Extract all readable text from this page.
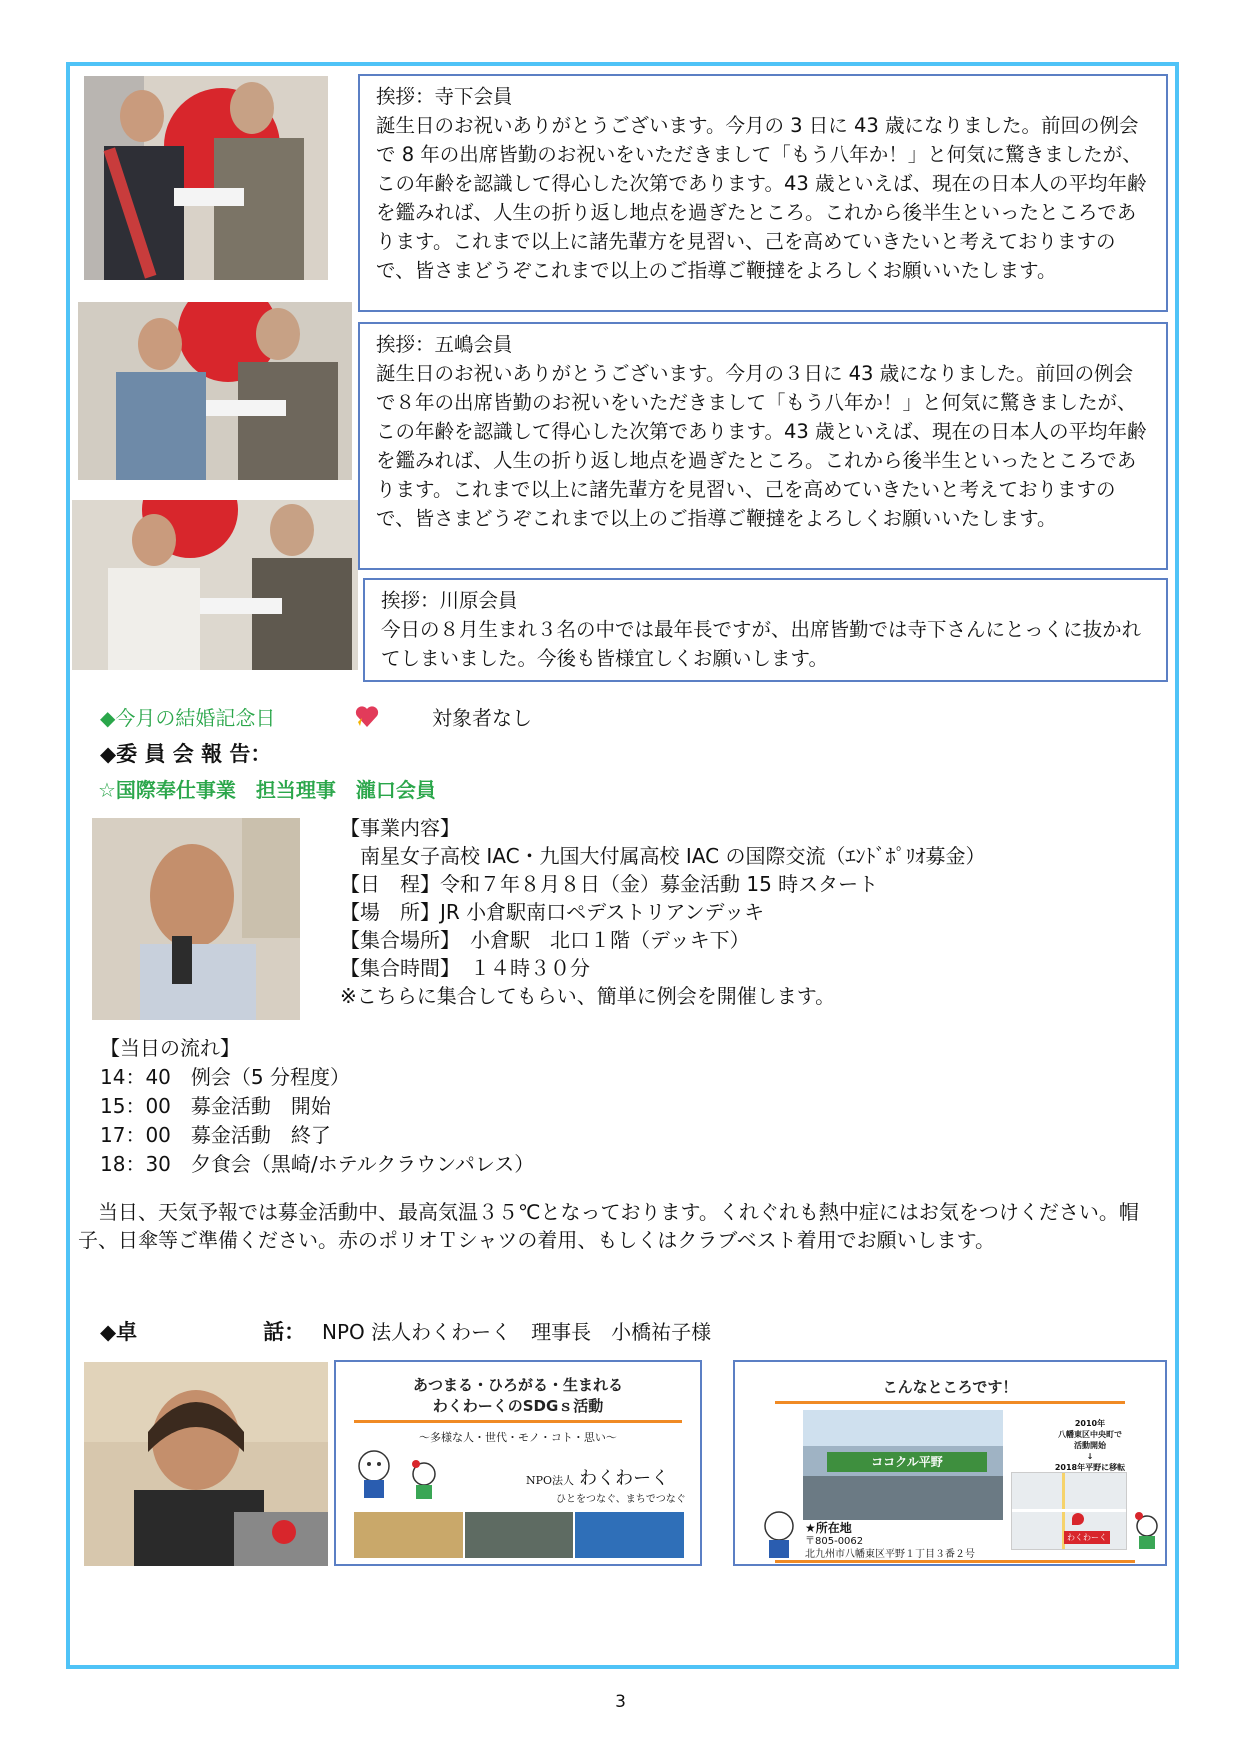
挨拶：寺下会員
誕生日のお祝いありがとうございます。今月の 3 日に 43 歳になりました。前回の例会で 8 年の出席皆勤のお祝いをいただきまして「もう八年か！」と何気に驚きましたが、この年齢を認識して得心した次第であります。43 歳といえば、現在の日本人の平均年齢を鑑みれば、人生の折り返し地点を過ぎたところ。これから後半生といったところであります。これまで以上に諸先輩方を見習い、己を高めていきたいと考えておりますので、皆さまどうぞこれまで以上のご指導ご鞭撻をよろしくお願いいたします。
挨拶：五嶋会員
誕生日のお祝いありがとうございます。今月の３日に 43 歳になりました。前回の例会で８年の出席皆勤のお祝いをいただきまして「もう八年か！」と何気に驚きましたが、この年齢を認識して得心した次第であります。43 歳といえば、現在の日本人の平均年齢を鑑みれば、人生の折り返し地点を過ぎたところ。これから後半生といったところであります。これまで以上に諸先輩方を見習い、己を高めていきたいと考えておりますので、皆さまどうぞこれまで以上のご指導ご鞭撻をよろしくお願いいたします。
挨拶：川原会員
今日の８月生まれ３名の中では最年長ですが、出席皆勤では寺下さんにとっくに抜かれてしまいました。今後も皆様宜しくお願いします。
◆今月の結婚記念日	対象者なし
◆委 員 会 報 告：
☆国際奉仕事業　担当理事　瀧口会員
【事業内容】
　南星女子高校 IAC・九国大付属高校 IAC の国際交流（ｴﾝﾄﾞﾎﾟﾘｵ募金）
【日　程】令和７年８月８日（金）募金活動 15 時スタート
【場　所】JR 小倉駅南口ペデストリアンデッキ
【集合場所】　小倉駅　北口１階（デッキ下）
【集合時間】　１４時３０分
※こちらに集合してもらい、簡単に例会を開催します。
【当日の流れ】
14：40　例会（5 分程度）
15：00　募金活動　開始
17：00　募金活動　終了
18：30　夕食会（黒崎/ホテルクラウンパレス）
　当日、天気予報では募金活動中、最高気温３５℃となっております。くれぐれも熱中症にはお気をつけください。帽子、日傘等ご準備ください。赤のポリオＴシャツの着用、もしくはクラブベスト着用でお願いします。
◆卓　　　　　　話： NPO 法人わくわーく　理事長　小橋祐子様
あつまる・ひろがる・生まれる
わくわーくのSDGｓ活動
～多様な人・世代・モノ・コト・思い～
NPO法人 わくわーく
ひとをつなぐ、まちでつなぐ
こんなところです！
ココクル平野
2010年
八幡東区中央町で
活動開始
↓
2018年平野に移転
わくわーく
★所在地
〒805-0062
北九州市八幡東区平野１丁目３番２号
3
